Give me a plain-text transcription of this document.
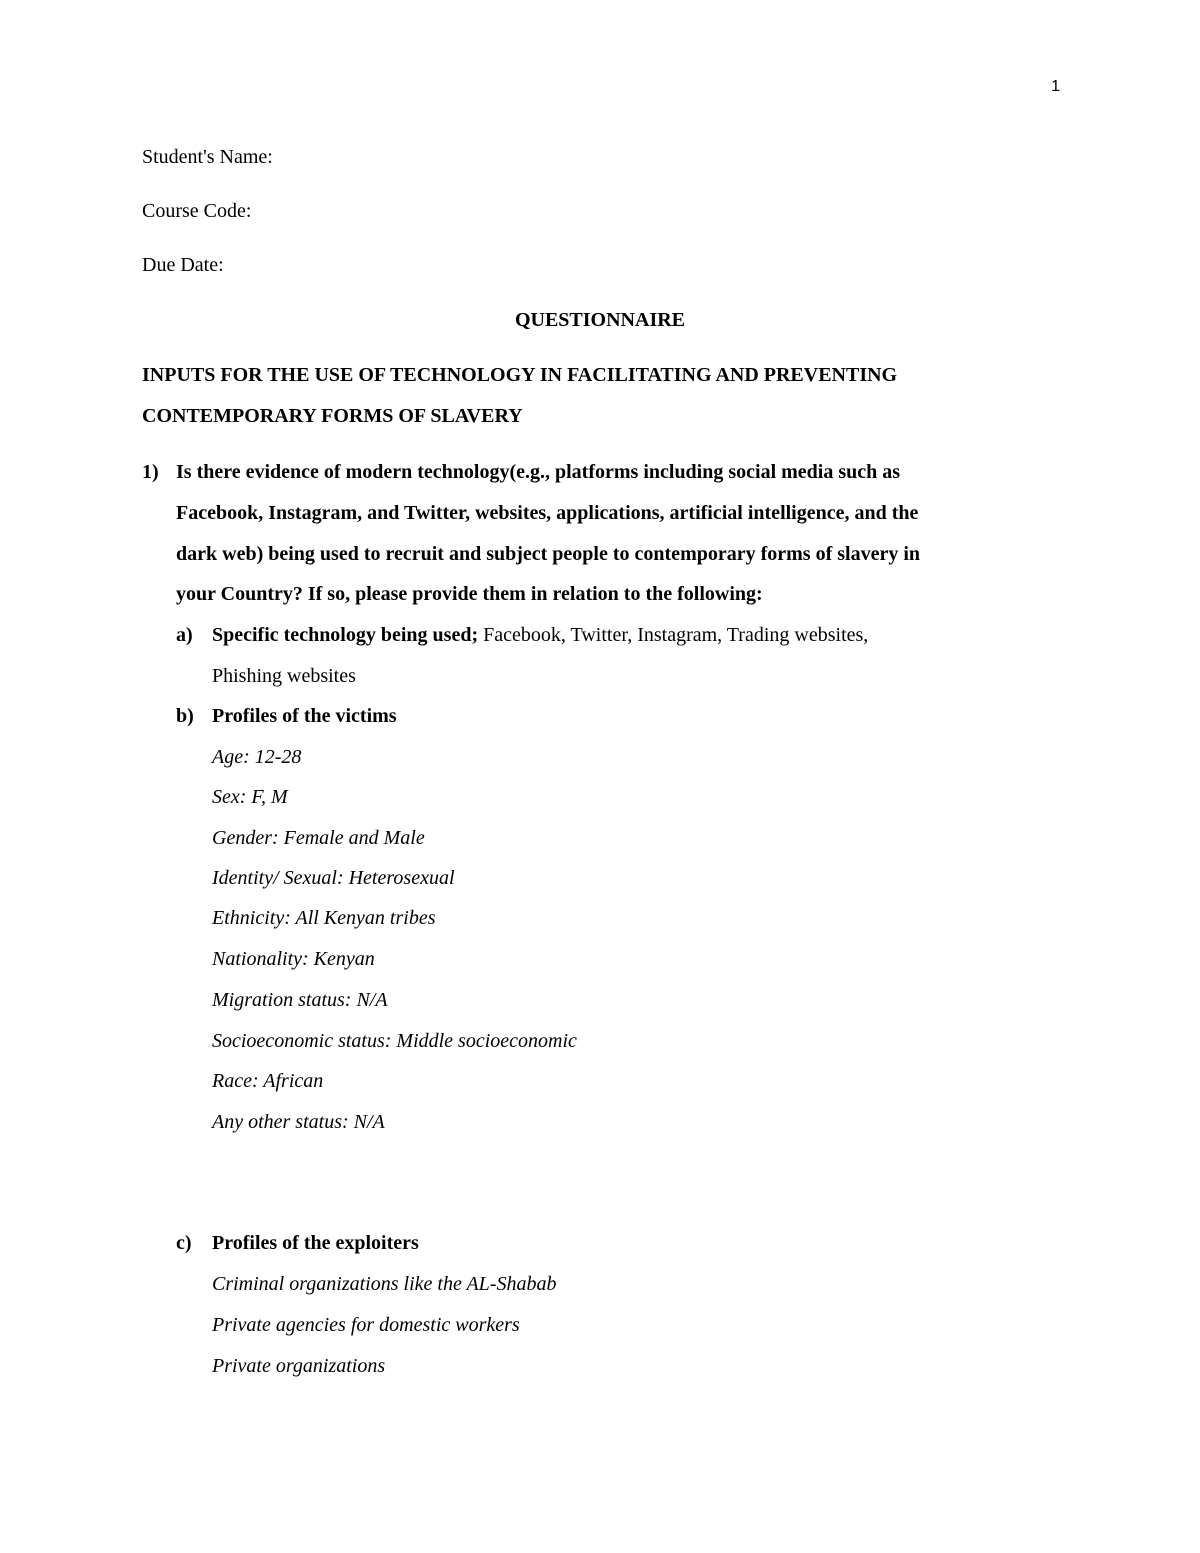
1
Student's Name:
Course Code:
Due Date:
QUESTIONNAIRE
INPUTS FOR THE USE OF TECHNOLOGY IN FACILITATING AND PREVENTING
CONTEMPORARY FORMS OF SLAVERY
1) Is there evidence of modern technology(e.g., platforms including social media such as
Facebook, Instagram, and Twitter, websites, applications, artificial intelligence, and the
dark web) being used to recruit and subject people to contemporary forms of slavery in
your Country? If so, please provide them in relation to the following:
a) Specific technology being used; Facebook, Twitter, Instagram, Trading websites,
Phishing websites
b) Profiles of the victims
Age: 12-28
Sex: F, M
Gender: Female and Male
Identity/ Sexual: Heterosexual
Ethnicity: All Kenyan tribes
Nationality: Kenyan
Migration status: N/A
Socioeconomic status: Middle socioeconomic
Race: African
Any other status: N/A
c) Profiles of the exploiters
Criminal organizations like the AL-Shabab
Private agencies for domestic workers
Private organizations
